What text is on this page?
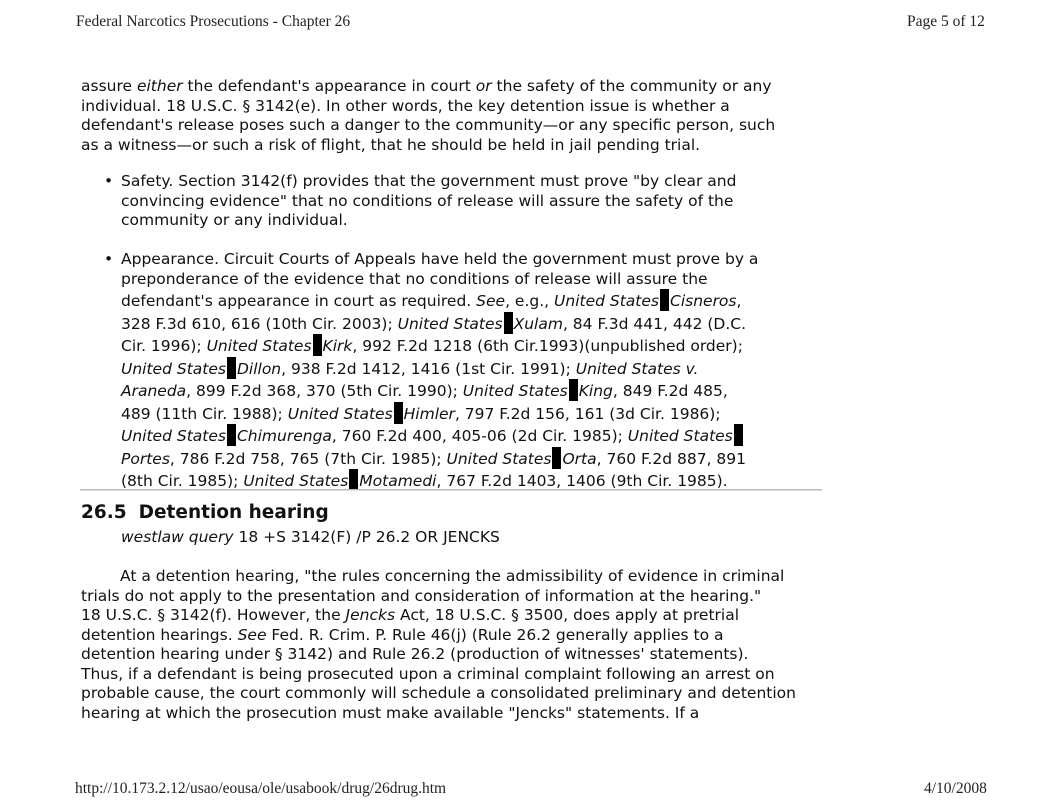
Federal Narcotics Prosecutions - Chapter 26	Page 5 of 12

assure either the defendant's appearance in court or the safety of the community or any
individual. 18 U.S.C. § 3142(e). In other words, the key detention issue is whether a
defendant's release poses such a danger to the community—or any specific person, such
as a witness—or such a risk of flight, that he should be held in jail pending trial.

• Safety. Section 3142(f) provides that the government must prove "by clear and
convincing evidence" that no conditions of release will assure the safety of the
community or any individual.
• Appearance. Circuit Courts of Appeals have held the government must prove by a
preponderance of the evidence that no conditions of release will assure the
defendant's appearance in court as required. See, e.g., United States Cisneros,
328 F.3d 610, 616 (10th Cir. 2003); United States Xulam, 84 F.3d 441, 442 (D.C.
Cir. 1996); United States Kirk, 992 F.2d 1218 (6th Cir.1993)(unpublished order);
United States Dillon, 938 F.2d 1412, 1416 (1st Cir. 1991); United States v.
Araneda, 899 F.2d 368, 370 (5th Cir. 1990); United States King, 849 F.2d 485,
489 (11th Cir. 1988); United States Himler, 797 F.2d 156, 161 (3d Cir. 1986);
United States Chimurenga, 760 F.2d 400, 405-06 (2d Cir. 1985); United States
Portes, 786 F.2d 758, 765 (7th Cir. 1985); United States Orta, 760 F.2d 887, 891
(8th Cir. 1985); United States Motamedi, 767 F.2d 1403, 1406 (9th Cir. 1985).
26.5 Detention hearing

westlaw query 18 +S 3142(F) /P 26.2 OR JENCKS

At a detention hearing, "the rules concerning the admissibility of evidence in criminal
trials do not apply to the presentation and consideration of information at the hearing."
18 U.S.C. § 3142(f). However, the Jencks Act, 18 U.S.C. § 3500, does apply at pretrial
detention hearings. See Fed. R. Crim. P. Rule 46(j) (Rule 26.2 generally applies to a
detention hearing under § 3142) and Rule 26.2 (production of witnesses' statements).
Thus, if a defendant is being prosecuted upon a criminal complaint following an arrest on
probable cause, the court commonly will schedule a consolidated preliminary and detention
hearing at which the prosecution must make available "Jencks" statements. If a

http://10.173.2.12/usao/eousa/ole/usabook/drug/26drug.htm	4/10/2008
